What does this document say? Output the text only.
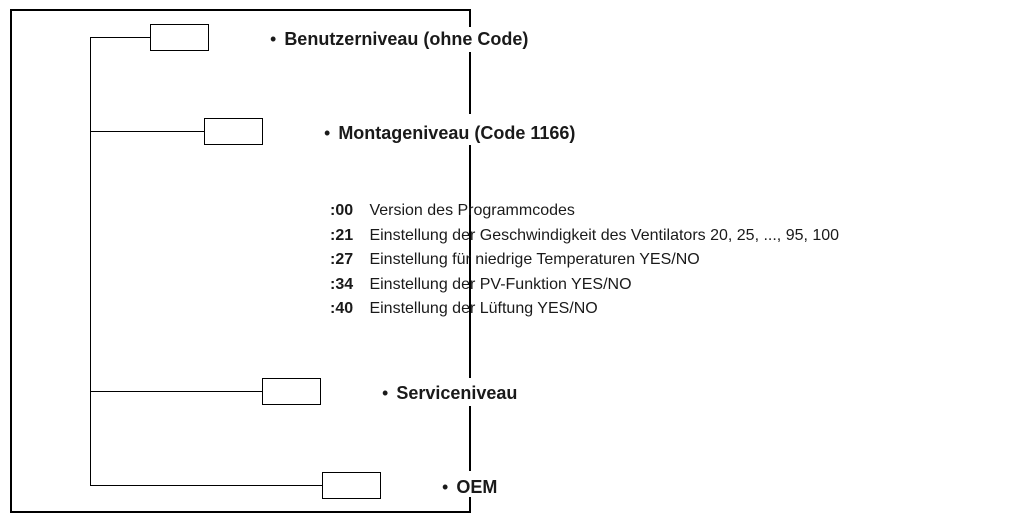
• Benutzerniveau (ohne Code)
• Montageniveau (Code 1166)
• Serviceniveau
• OEM
:00 Version des Programmcodes
:21 Einstellung der Geschwindigkeit des Ventilators 20, 25, ..., 95, 100
:27 Einstellung für niedrige Temperaturen YES/NO
:34 Einstellung der PV-Funktion YES/NO
:40 Einstellung der Lüftung YES/NO
